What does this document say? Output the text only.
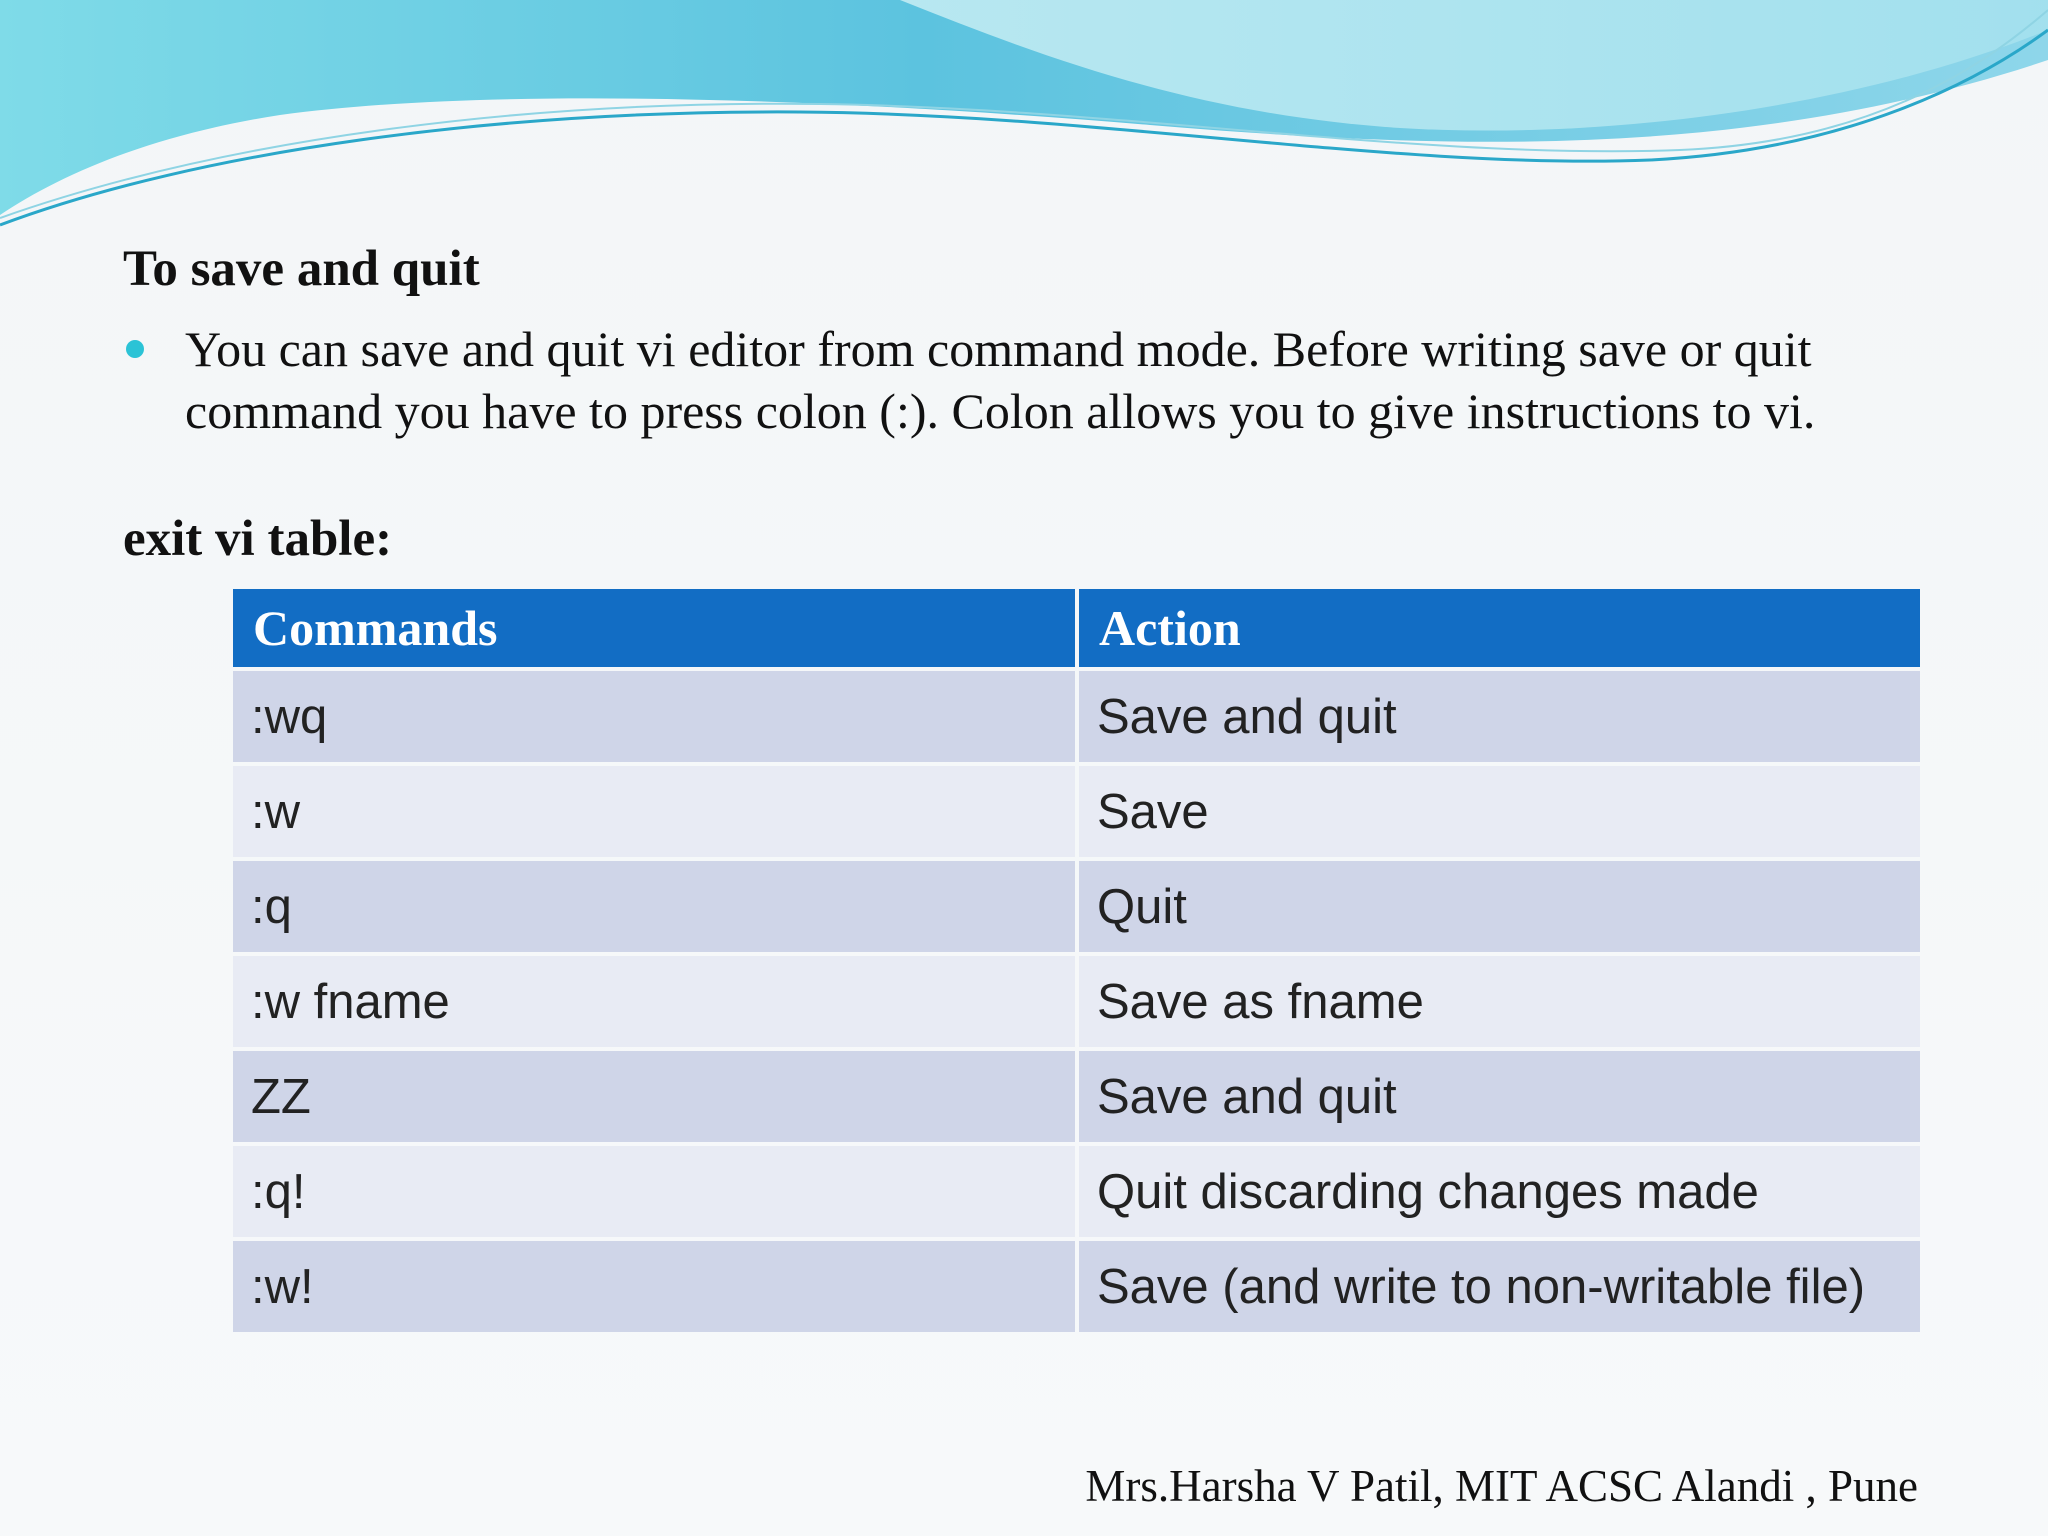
To save and quit
You can save and quit vi editor from command mode. Before writing save or quit command you have to press colon (:). Colon allows you to give instructions to vi.
exit vi table:
Commands	Action
:wq	Save and quit
:w	Save
:q	Quit
:w fname	Save as fname
ZZ	Save and quit
:q!	Quit discarding changes made
:w!	Save (and write to non-writable file)
Mrs.Harsha V Patil, MIT ACSC Alandi , Pune
